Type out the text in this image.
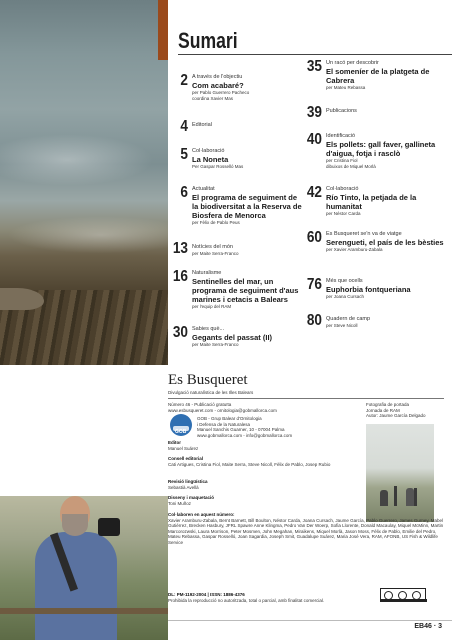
Sumari
2 A través de l'objectiu
Com acabaré?
per Pablo Guerrero Pacheco
coordina Xavier Mas
4 Editorial
5 Col·laboració
La Noneta
Per Gaspar Rosselló Mas
6 Actualitat
El programa de seguiment de la biodiversitat a la Reserva de Biosfera de Menorca
per Fèlix de Pablo Peus
13 Notícies del món
per Maite Serra-Franco
16 Naturalisme
Sentinelles del mar, un programa de seguiment d'aus marines i cetacis a Balears
per l'equip del RAM
30 Sabies què...
Gegants del passat (II)
per Maite Serra-Franco
35 Un racó per descobrir
El someníer de la platgeta de Cabrera
per Mateu Rebassa
39 Publicacions
40 Identificació
Els pollets: gall faver, gallineta d'aigua, fotja i rasclò
per Cristina Fiol
dibuixos de Miquel Morlà
42 Col·laboració
Río Tinto, la petjada de la humanitat
per Néstor Carda
60 Es Busqueret se'n va de viatge
Serengueti, el país de les bèsties
per Xavier Aramburu-Zabala
76 Més que ocells
Euphorbia fontqueriana
per Joana Cursach
80 Quadern de camp
per Steve Nicoll
Es Busqueret
Divulgació naturalística de les Illes Balears
Número 46 - Publicació gratuïta
www.esbusqueret.com - ornitologia@gobmallorca.com
GOB
GOB - Grup Balear d'Ornitologia
i Defensa de la Naturalesa
Manuel Sanchis Guarner, 10 - 07004 Palma
www.gobmallorca.com - info@gobmallorca.com
Fotografia de portada
Jornada de RAM
Autor: Jaume García Delgado
Editor
Manuel Suárez
Consell editorial
Cati Artigues, Cristina Fiol, Maite Serra, Steve Nicoll, Fèlix de Pablo, Josep Rubio
Revisió lingüística
Sebastià Avellà
Disseny i maquetació
Toni Muñoz
Col·laboren en aquest número:
Xavier Aramburu-Zabala, Bernt Barnett, Bill Boulton, Néstor Carda, Joana Cursach, Jaume García, Pablo Guerrero, James Gurney, Mabel Gutiérrez, Brecken Hasbury, JFRL Spawre Anne Klingma, Pedro Van Der Woerp, Sofia Llorente, Donald Macaulay, Miquel McMinn, Martin Marcorozwski, Laura Morrison, Peter Mosmen, John Megahan, Miraikens, Miquel Morlà, Jason Moss, Fèlix de Pablo, Emilie del Pedro, Mateu Rebassa, Gaspar Rosselló, Joan Sagardia, Joseph Smit, Guadalupe Suárez, Maria José Vera, RAM, AFONB, US Fish & Wildlife Service
DL: PM-1192-2004 | ISSN: 1886-4376
Prohibida la reproducció no autoritzada, total o parcial, amb finalitat comercial.
EB46 · 3
